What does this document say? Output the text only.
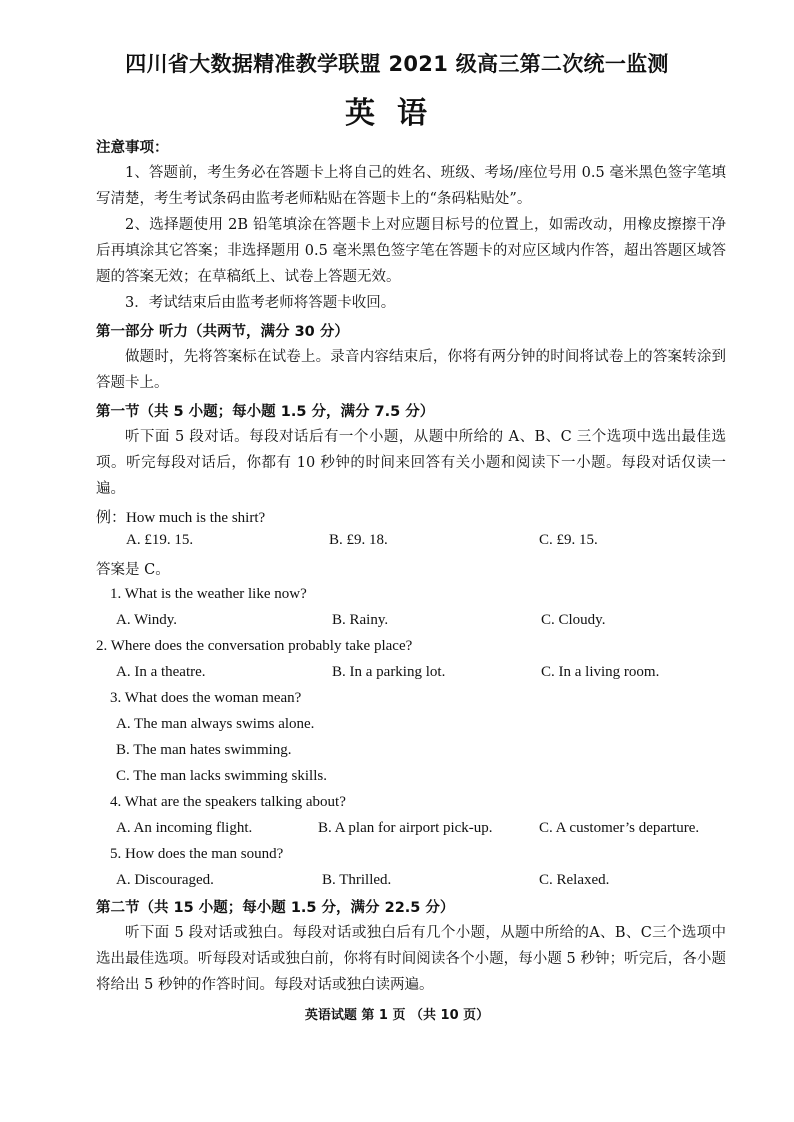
四川省大数据精准教学联盟 2021 级高三第二次统一监测
英语
注意事项：
1、答题前，考生务必在答题卡上将自己的姓名、班级、考场/座位号用 0.5 毫米黑色签字笔填写清楚，考生考试条码由监考老师粘贴在答题卡上的“条码粘贴处”。
2、选择题使用 2B 铅笔填涂在答题卡上对应题目标号的位置上，如需改动，用橡皮擦擦干净后再填涂其它答案；非选择题用 0.5 毫米黑色签字笔在答题卡的对应区域内作答，超出答题区域答题的答案无效；在草稿纸上、试卷上答题无效。
3．考试结束后由监考老师将答题卡收回。
第一部分 听力（共两节，满分 30 分）
做题时，先将答案标在试卷上。录音内容结束后，你将有两分钟的时间将试卷上的答案转涂到答题卡上。
第一节（共 5 小题；每小题 1.5 分，满分 7.5 分）
听下面 5 段对话。每段对话后有一个小题，从题中所给的 A、B、C 三个选项中选出最佳选项。听完每段对话后，你都有 10 秒钟的时间来回答有关小题和阅读下一小题。每段对话仅读一遍。
例：How much is the shirt?
A. £19. 15.	B. £9. 18.	C. £9. 15.
答案是 C。
1. What is the weather like now?
A. Windy.	B. Rainy.	C. Cloudy.
2. Where does the conversation probably take place?
A. In a theatre.	B. In a parking lot.	C. In a living room.
3. What does the woman mean?
A. The man always swims alone.
B. The man hates swimming.
C. The man lacks swimming skills.
4. What are the speakers talking about?
A. An incoming flight.	B. A plan for airport pick-up.	C. A customer’s departure.
5. How does the man sound?
A. Discouraged.	B. Thrilled.	C. Relaxed.
第二节（共 15 小题；每小题 1.5 分，满分 22.5 分）
听下面 5 段对话或独白。每段对话或独白后有几个小题，从题中所给的A、B、C三个选项中选出最佳选项。听每段对话或独白前，你将有时间阅读各个小题，每小题 5 秒钟；听完后，各小题将给出 5 秒钟的作答时间。每段对话或独白读两遍。
英语试题 第 1 页 （共 10 页）
